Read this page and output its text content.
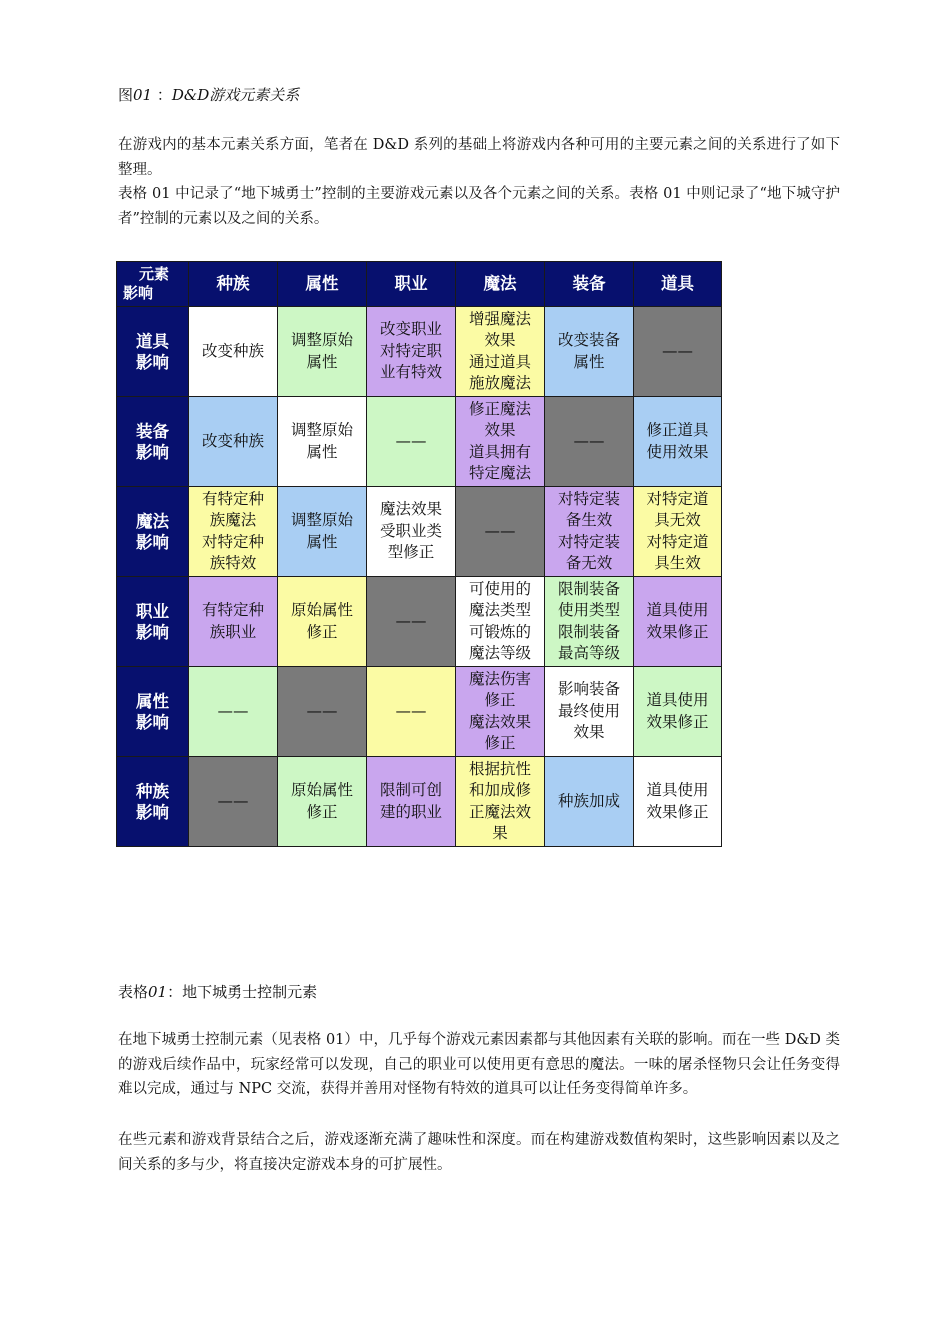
图01 ：D&D游戏元素关系
在游戏内的基本元素关系方面，笔者在 D&D 系列的基础上将游戏内各种可用的主要元素之间的关系进行了如下整理。
表格 01 中记录了“地下城勇士”控制的主要游戏元素以及各个元素之间的关系。表格 01 中则记录了“地下城守护者”控制的元素以及之间的关系。
元素
影响	种族	属性	职业	魔法	装备	道具

道具
影响	改变种族	调整原始
属性	改变职业
对特定职
业有特效	增强魔法
效果
通过道具
施放魔法	改变装备
属性	——

装备
影响	改变种族	调整原始
属性	——	修正魔法
效果
道具拥有
特定魔法	——	修正道具
使用效果

魔法
影响	有特定种
族魔法
对特定种
族特效	调整原始
属性	魔法效果
受职业类
型修正	——	对特定装
备生效
对特定装
备无效	对特定道
具无效
对特定道
具生效

职业
影响	有特定种
族职业	原始属性
修正	——	可使用的
魔法类型
可锻炼的
魔法等级	限制装备
使用类型
限制装备
最高等级	道具使用
效果修正

属性
影响	——	——	——	魔法伤害
修正
魔法效果
修正	影响装备
最终使用
效果	道具使用
效果修正

种族
影响	——	原始属性
修正	限制可创
建的职业	根据抗性
和加成修
正魔法效
果	种族加成	道具使用
效果修正
表格01：地下城勇士控制元素
在地下城勇士控制元素（见表格 01）中，几乎每个游戏元素因素都与其他因素有关联的影响。而在一些 D&D 类的游戏后续作品中，玩家经常可以发现，自己的职业可以使用更有意思的魔法。一味的屠杀怪物只会让任务变得难以完成，通过与 NPC 交流，获得并善用对怪物有特效的道具可以让任务变得简单许多。
在些元素和游戏背景结合之后，游戏逐渐充满了趣味性和深度。而在构建游戏数值构架时，这些影响因素以及之间关系的多与少，将直接决定游戏本身的可扩展性。
